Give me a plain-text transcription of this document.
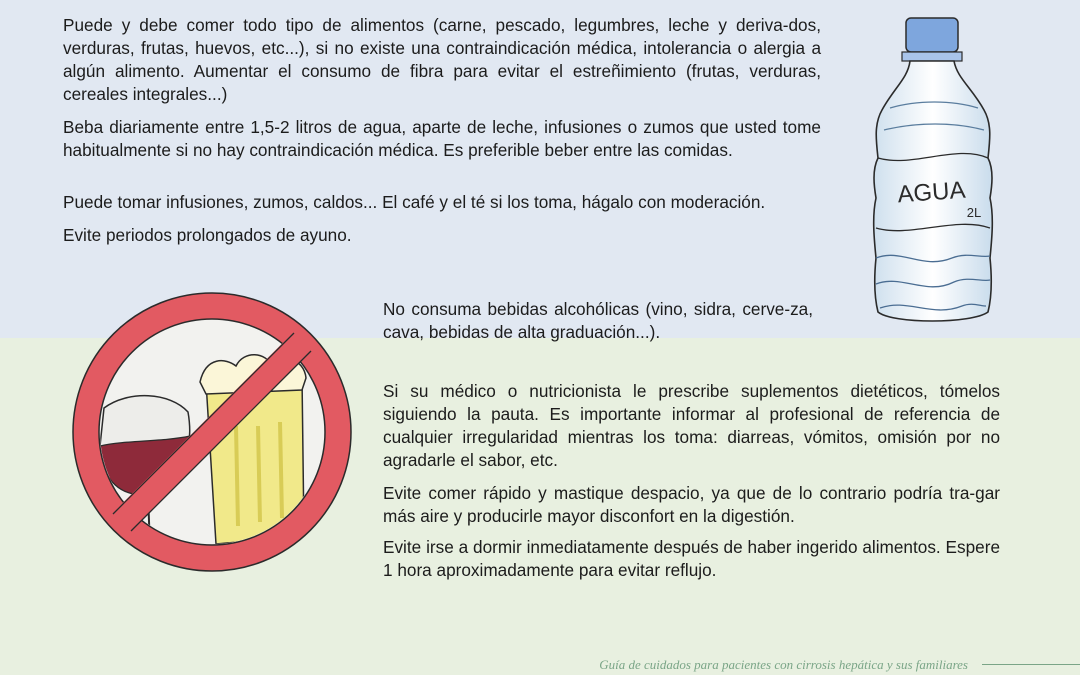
Puede y debe comer todo tipo de alimentos (carne, pescado, legumbres, leche y deriva-dos, verduras, frutas, huevos, etc...), si no existe una contraindicación médica, intolerancia o alergia a algún alimento. Aumentar el consumo de fibra para evitar el estreñimiento (frutas, verduras, cereales integrales...)

Beba diariamente entre 1,5-2 litros de agua, aparte de leche, infusiones o zumos que usted tome habitualmente si no hay contraindicación médica. Es preferible beber entre las comidas.

Puede tomar infusiones, zumos, caldos... El café y el té si los toma, hágalo con moderación.

Evite periodos prolongados de ayuno.

No consuma bebidas alcohólicas (vino, sidra, cerve-za, cava, bebidas de alta graduación...).

Si su médico o nutricionista le prescribe suplementos dietéticos, tómelos siguiendo la pauta. Es importante informar al profesional de referencia de cualquier irregularidad mientras los toma: diarreas, vómitos, omisión por no agradarle el sabor, etc.

Evite comer rápido y mastique despacio, ya que de lo contrario podría tra-gar más aire y producirle mayor disconfort en la digestión.

Evite irse a dormir inmediatamente después de haber ingerido alimentos. Espere 1 hora aproximadamente para evitar reflujo.

AGUA
2L
Guía de cuidados para pacientes con cirrosis hepática y sus familiares
